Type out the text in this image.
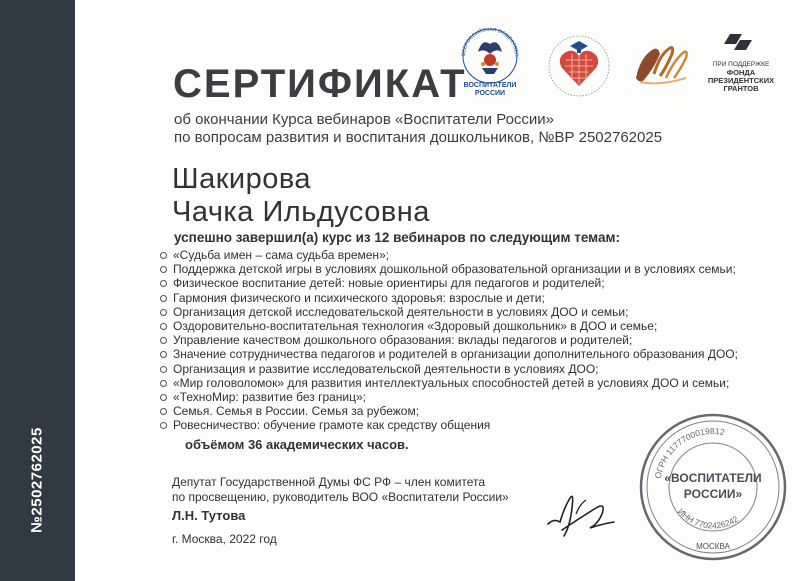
№2502762025
ВСЕРОССИЙСКАЯ ОБЩЕСТВЕН
ВОСПИТАТЕЛИ
РОССИИ
ПРИ ПОДДЕРЖКЕ
ФОНДА
ПРЕЗИДЕНТСКИХ
ГРАНТОВ
СЕРТИФИКАТ
об окончании Курса вебинаров «Воспитатели России»
по вопросам развития и воспитания дошкольников, №ВР 2502762025
Шакирова
Чачка Ильдусовна
успешно завершил(а) курс из 12 вебинаров по следующим темам:
«Судьба имен – сама судьба времен»;
Поддержка детской игры в условиях дошкольной образовательной организации и в условиях семьи;
Физическое воспитание детей: новые ориентиры для педагогов и родителей;
Гармония физического и психического здоровья: взрослые и дети;
Организация детской исследовательской деятельности в условиях ДОО и семьи;
Оздоровительно-воспитательная технология «Здоровый дошкольник» в ДОО и семье;
Управление качеством дошкольного образования: вклады педагогов и родителей;
Значение сотрудничества педагогов и родителей в организации дополнительного образования ДОО;
Организация и развитие исследовательской деятельности в условиях ДОО;
«Мир головоломок» для развития интеллектуальных способностей детей в условиях ДОО и семьи;
«ТехноМир: развитие без границ»;
Семья. Семья в России. Семья за рубежом;
Ровесничество: обучение грамоте как средству общения
объёмом 36 академических часов.
Депутат Государственной Думы ФС РФ – член комитета
по просвещению, руководитель ВОО «Воспитатели России»
Л.Н. Тутова
г. Москва, 2022 год
ОГРН 1177700019812
ИНН 7702426242
«ВОСПИТАТЕЛИ
РОССИИ»
МОСКВА
